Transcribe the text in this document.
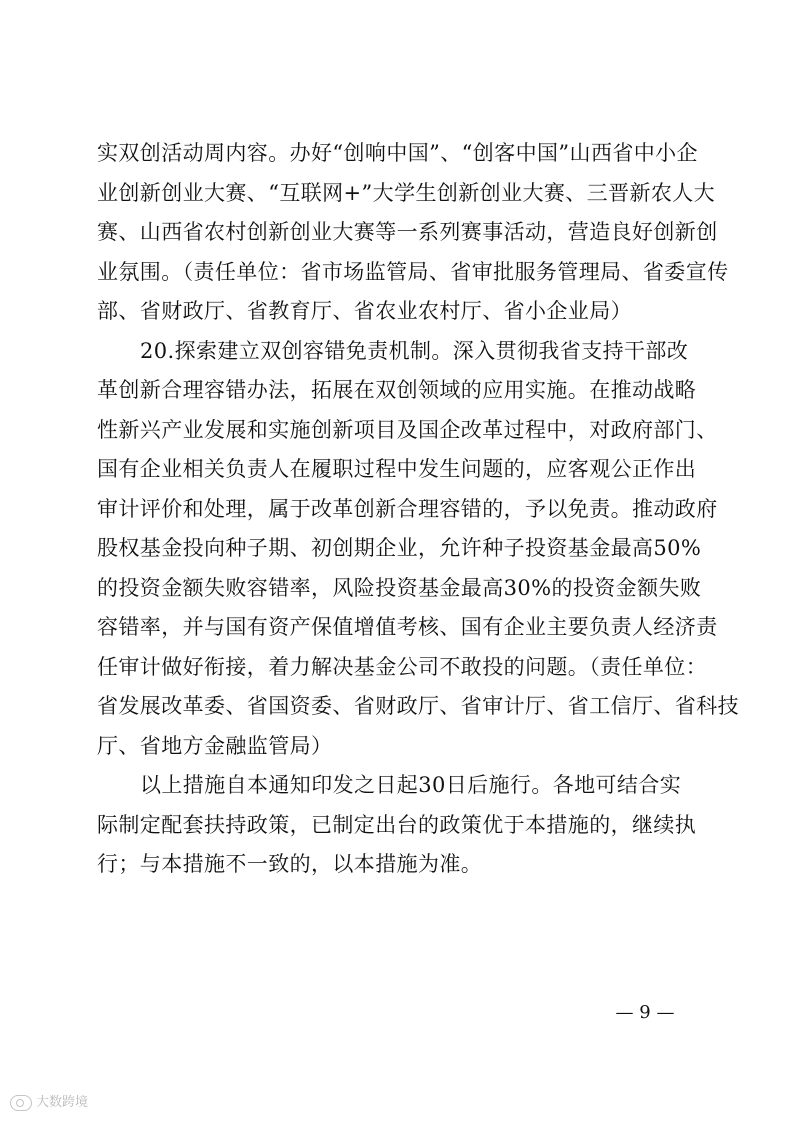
实双创活动周内容。办好“创响中国”、“创客中国”山西省中小企
业创新创业大赛、“互联网+”大学生创新创业大赛、三晋新农人大
赛、山西省农村创新创业大赛等一系列赛事活动，营造良好创新创
业氛围。（责任单位：省市场监管局、省审批服务管理局、省委宣传
部、省财政厅、省教育厅、省农业农村厅、省小企业局）
20.探索建立双创容错免责机制。深入贯彻我省支持干部改
革创新合理容错办法，拓展在双创领域的应用实施。在推动战略
性新兴产业发展和实施创新项目及国企改革过程中，对政府部门、
国有企业相关负责人在履职过程中发生问题的，应客观公正作出
审计评价和处理，属于改革创新合理容错的，予以免责。推动政府
股权基金投向种子期、初创期企业，允许种子投资基金最高50%
的投资金额失败容错率，风险投资基金最高30%的投资金额失败
容错率，并与国有资产保值增值考核、国有企业主要负责人经济责
任审计做好衔接，着力解决基金公司不敢投的问题。（责任单位：
省发展改革委、省国资委、省财政厅、省审计厅、省工信厅、省科技
厅、省地方金融监管局）
以上措施自本通知印发之日起30日后施行。各地可结合实
际制定配套扶持政策，已制定出台的政策优于本措施的，继续执
行；与本措施不一致的，以本措施为准。
— 9 —
大数跨境
